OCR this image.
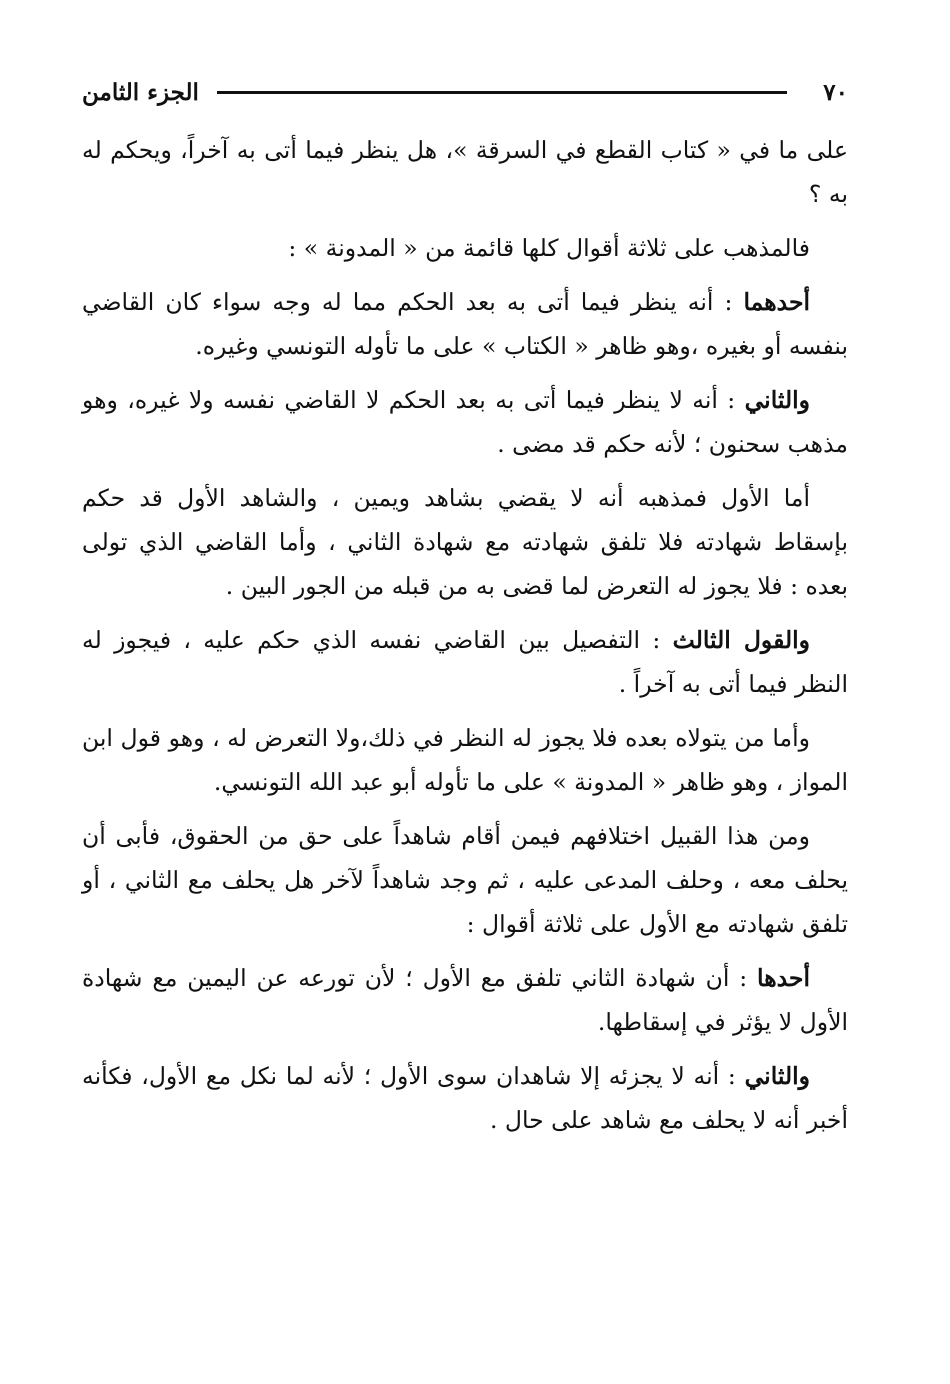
٧٠
الجزء الثامن

على ما في « كتاب القطع في السرقة »، هل ينظر فيما أتى به آخراً، ويحكم له به ؟

فالمذهب على ثلاثة أقوال كلها قائمة من « المدونة » :

أحدهما : أنه ينظر فيما أتى به بعد الحكم مما له وجه سواء كان القاضي بنفسه أو بغيره ،وهو ظاهر « الكتاب » على ما تأوله التونسي وغيره.

والثاني : أنه لا ينظر فيما أتى به بعد الحكم لا القاضي نفسه ولا غيره، وهو مذهب سحنون ؛ لأنه حكم قد مضى .

أما الأول فمذهبه أنه لا يقضي بشاهد ويمين ، والشاهد الأول قد حكم بإسقاط شهادته فلا تلفق شهادته مع شهادة الثاني ، وأما القاضي الذي تولى بعده : فلا يجوز له التعرض لما قضى به من قبله من الجور البين .

والقول الثالث : التفصيل بين القاضي نفسه الذي حكم عليه ، فيجوز له النظر فيما أتى به آخراً .

وأما من يتولاه بعده فلا يجوز له النظر في ذلك،ولا التعرض له ، وهو قول ابن المواز ، وهو ظاهر « المدونة » على ما تأوله أبو عبد الله التونسي.

ومن هذا القبيل اختلافهم فيمن أقام شاهداً على حق من الحقوق، فأبى أن يحلف معه ، وحلف المدعى عليه ، ثم وجد شاهداً لآخر هل يحلف مع الثاني ، أو تلفق شهادته مع الأول على ثلاثة أقوال :

أحدها : أن شهادة الثاني تلفق مع الأول ؛ لأن تورعه عن اليمين مع شهادة الأول لا يؤثر في إسقاطها.

والثاني : أنه لا يجزئه إلا شاهدان سوى الأول ؛ لأنه لما نكل مع الأول، فكأنه أخبر أنه لا يحلف مع شاهد على حال .
